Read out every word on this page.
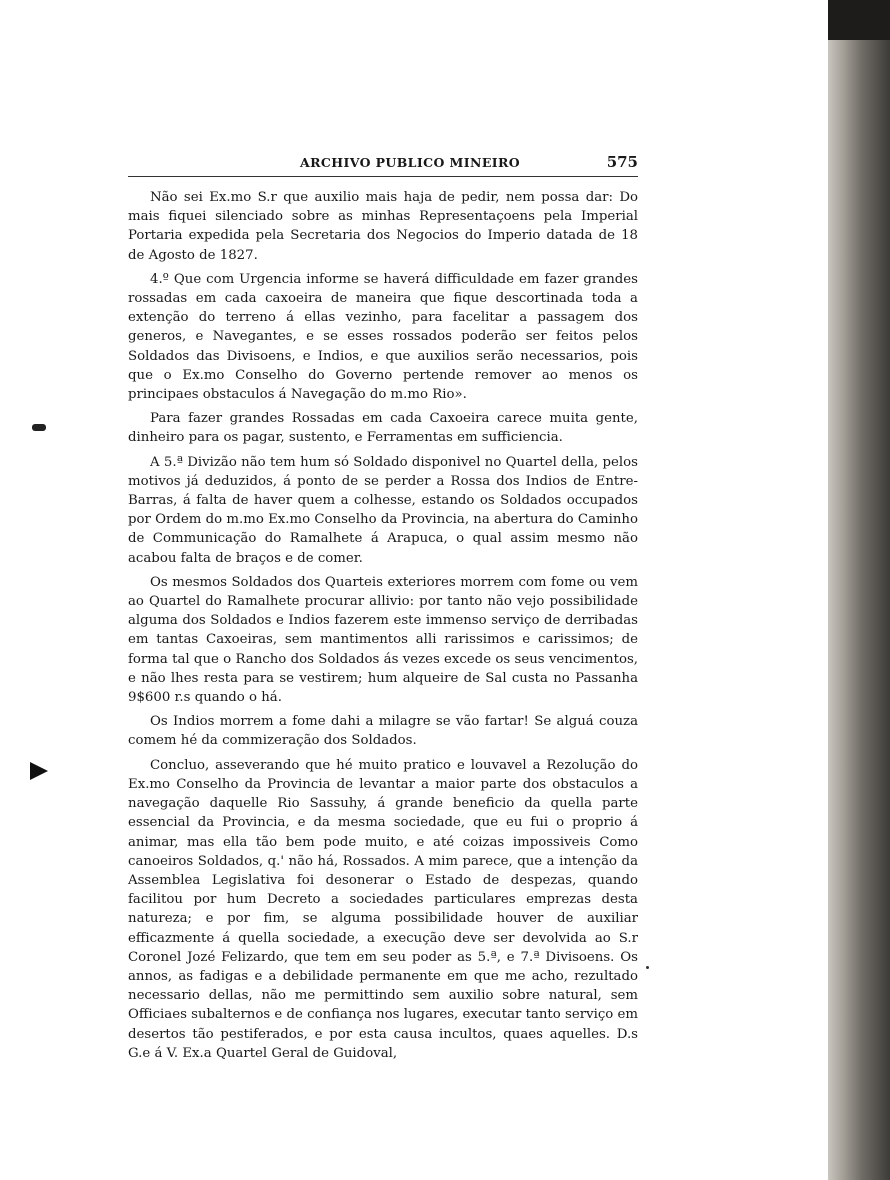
ARCHIVO PUBLICO MINEIRO	575

Não sei Ex.mo S.r que auxilio mais haja de pedir, nem possa dar: Do mais fiquei silenciado sobre as minhas Representaçoens pela Imperial Portaria expedida pela Secretaria dos Negocios do Imperio datada de 18 de Agosto de 1827.

4.º Que com Urgencia informe se haverá difficuldade em fazer grandes rossadas em cada caxoeira de maneira que fique descortinada toda a extenção do terreno á ellas vezinho, para facelitar a passagem dos generos, e Navegantes, e se esses rossados poderão ser feitos pelos Soldados das Divisoens, e Indios, e que auxilios serão necessarios, pois que o Ex.mo Conselho do Governo pertende remover ao menos os principaes obstaculos á Navegação do m.mo Rio».

Para fazer grandes Rossadas em cada Caxoeira carece muita gente, dinheiro para os pagar, sustento, e Ferramentas em sufficiencia.

A 5.ª Divizão não tem hum só Soldado disponivel no Quartel della, pelos motivos já deduzidos, á ponto de se perder a Rossa dos Indios de Entre-Barras, á falta de haver quem a colhesse, estando os Soldados occupados por Ordem do m.mo Ex.mo Conselho da Provincia, na abertura do Caminho de Communicação do Ramalhete á Arapuca, o qual assim mesmo não acabou falta de braços e de comer.

Os mesmos Soldados dos Quarteis exteriores morrem com fome ou vem ao Quartel do Ramalhete procurar allivio: por tanto não vejo possibilidade alguma dos Soldados e Indios fazerem este immenso serviço de derribadas em tantas Caxoeiras, sem mantimentos alli rarissimos e carissimos; de forma tal que o Rancho dos Soldados ás vezes excede os seus vencimentos, e não lhes resta para se vestirem; hum alqueire de Sal custa no Passanha 9$600 r.s quando o há.

Os Indios morrem a fome dahi a milagre se vão fartar! Se alguá couza comem hé da commizeração dos Soldados.

Concluo, asseverando que hé muito pratico e louvavel a Rezolução do Ex.mo Conselho da Provincia de levantar a maior parte dos obstaculos a navegação daquelle Rio Sassuhy, á grande beneficio da quella parte essencial da Provincia, e da mesma sociedade, que eu fui o proprio á animar, mas ella tão bem pode muito, e até coizas impossiveis Como canoeiros Soldados, q.' não há, Rossados. A mim parece, que a intenção da Assemblea Legislativa foi desonerar o Estado de despezas, quando facilitou por hum Decreto a sociedades particulares emprezas desta natureza; e por fim, se alguma possibilidade houver de auxiliar efficazmente á quella sociedade, a execução deve ser devolvida ao S.r Coronel Jozé Felizardo, que tem em seu poder as 5.ª, e 7.ª Divisoens. Os annos, as fadigas e a debilidade permanente em que me acho, rezultado necessario dellas, não me permittindo sem auxilio sobre natural, sem Officiaes subalternos e de confiança nos lugares, executar tanto serviço em desertos tão pestiferados, e por esta causa incultos, quaes aquelles. D.s G.e á V. Ex.a Quartel Geral de Guidoval,
